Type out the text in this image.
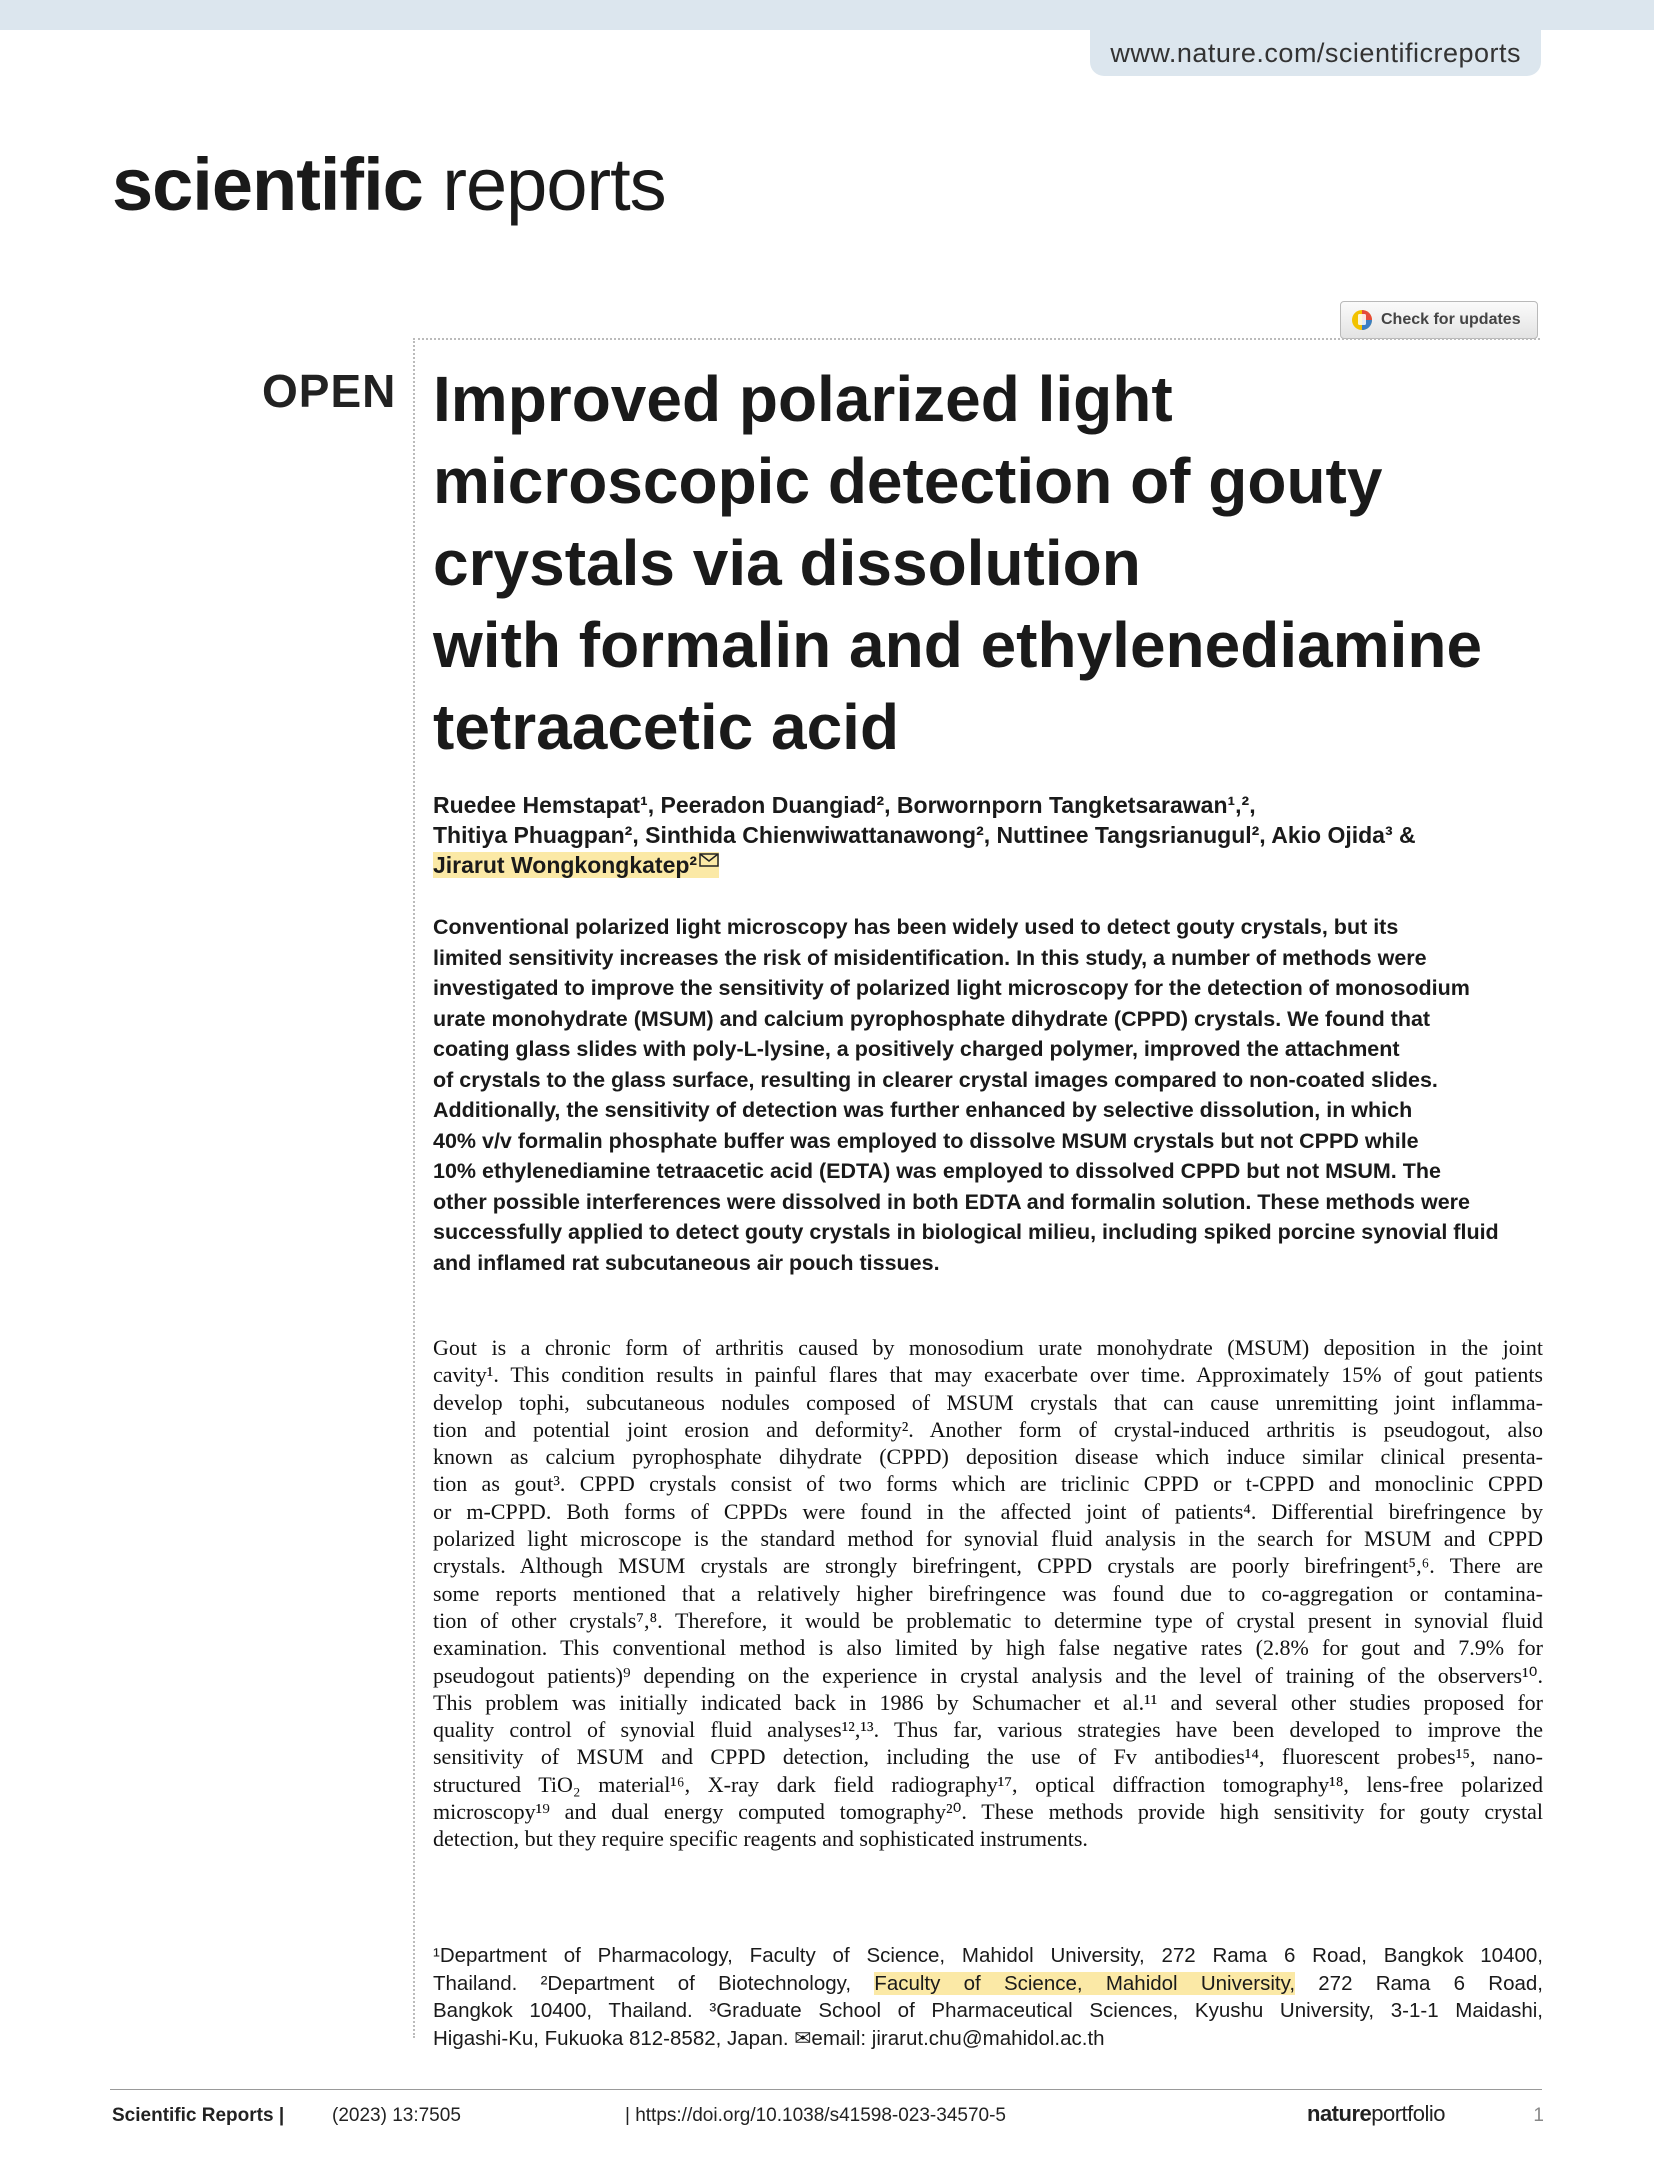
www.nature.com/scientificreports
scientific reports
Check for updates
OPEN Improved polarized light
microscopic detection of gouty
crystals via dissolution
with formalin and ethylenediamine
tetraacetic acid
Ruedee Hemstapat¹, Peeradon Duangiad², Borwornporn Tangketsarawan¹,²,
Thitiya Phuagpan², Sinthida Chienwiwattanawong², Nuttinee Tangsrianugul², Akio Ojida³ &
Jirarut Wongkongkatep²
Conventional polarized light microscopy has been widely used to detect gouty crystals, but its
limited sensitivity increases the risk of misidentification. In this study, a number of methods were
investigated to improve the sensitivity of polarized light microscopy for the detection of monosodium
urate monohydrate (MSUM) and calcium pyrophosphate dihydrate (CPPD) crystals. We found that
coating glass slides with poly-L-lysine, a positively charged polymer, improved the attachment
of crystals to the glass surface, resulting in clearer crystal images compared to non-coated slides.
Additionally, the sensitivity of detection was further enhanced by selective dissolution, in which
40% v/v formalin phosphate buffer was employed to dissolve MSUM crystals but not CPPD while
10% ethylenediamine tetraacetic acid (EDTA) was employed to dissolved CPPD but not MSUM. The
other possible interferences were dissolved in both EDTA and formalin solution. These methods were
successfully applied to detect gouty crystals in biological milieu, including spiked porcine synovial fluid
and inflamed rat subcutaneous air pouch tissues.
Gout is a chronic form of arthritis caused by monosodium urate monohydrate (MSUM) deposition in the joint
cavity¹. This condition results in painful flares that may exacerbate over time. Approximately 15% of gout patients
develop tophi, subcutaneous nodules composed of MSUM crystals that can cause unremitting joint inflamma-
tion and potential joint erosion and deformity². Another form of crystal-induced arthritis is pseudogout, also
known as calcium pyrophosphate dihydrate (CPPD) deposition disease which induce similar clinical presenta-
tion as gout³. CPPD crystals consist of two forms which are triclinic CPPD or t-CPPD and monoclinic CPPD
or m-CPPD. Both forms of CPPDs were found in the affected joint of patients⁴. Differential birefringence by
polarized light microscope is the standard method for synovial fluid analysis in the search for MSUM and CPPD
crystals. Although MSUM crystals are strongly birefringent, CPPD crystals are poorly birefringent⁵,⁶. There are
some reports mentioned that a relatively higher birefringence was found due to co-aggregation or contamina-
tion of other crystals⁷,⁸. Therefore, it would be problematic to determine type of crystal present in synovial fluid
examination. This conventional method is also limited by high false negative rates (2.8% for gout and 7.9% for
pseudogout patients)⁹ depending on the experience in crystal analysis and the level of training of the observers¹⁰.
This problem was initially indicated back in 1986 by Schumacher et al.¹¹ and several other studies proposed for
quality control of synovial fluid analyses¹²,¹³. Thus far, various strategies have been developed to improve the
sensitivity of MSUM and CPPD detection, including the use of Fv antibodies¹⁴, fluorescent probes¹⁵, nano-
structured TiO₂ material¹⁶, X-ray dark field radiography¹⁷, optical diffraction tomography¹⁸, lens-free polarized
microscopy¹⁹ and dual energy computed tomography²⁰. These methods provide high sensitivity for gouty crystal
detection, but they require specific reagents and sophisticated instruments.
¹Department of Pharmacology, Faculty of Science, Mahidol University, 272 Rama 6 Road, Bangkok 10400,
Thailand. ²Department of Biotechnology, Faculty of Science, Mahidol University, 272 Rama 6 Road,
Bangkok 10400, Thailand. ³Graduate School of Pharmaceutical Sciences, Kyushu University, 3-1-1 Maidashi,
Higashi-Ku, Fukuoka 812-8582, Japan. ✉email: jirarut.chu@mahidol.ac.th
Scientific Reports |	(2023) 13:7505	| https://doi.org/10.1038/s41598-023-34570-5	natureportfolio	1
